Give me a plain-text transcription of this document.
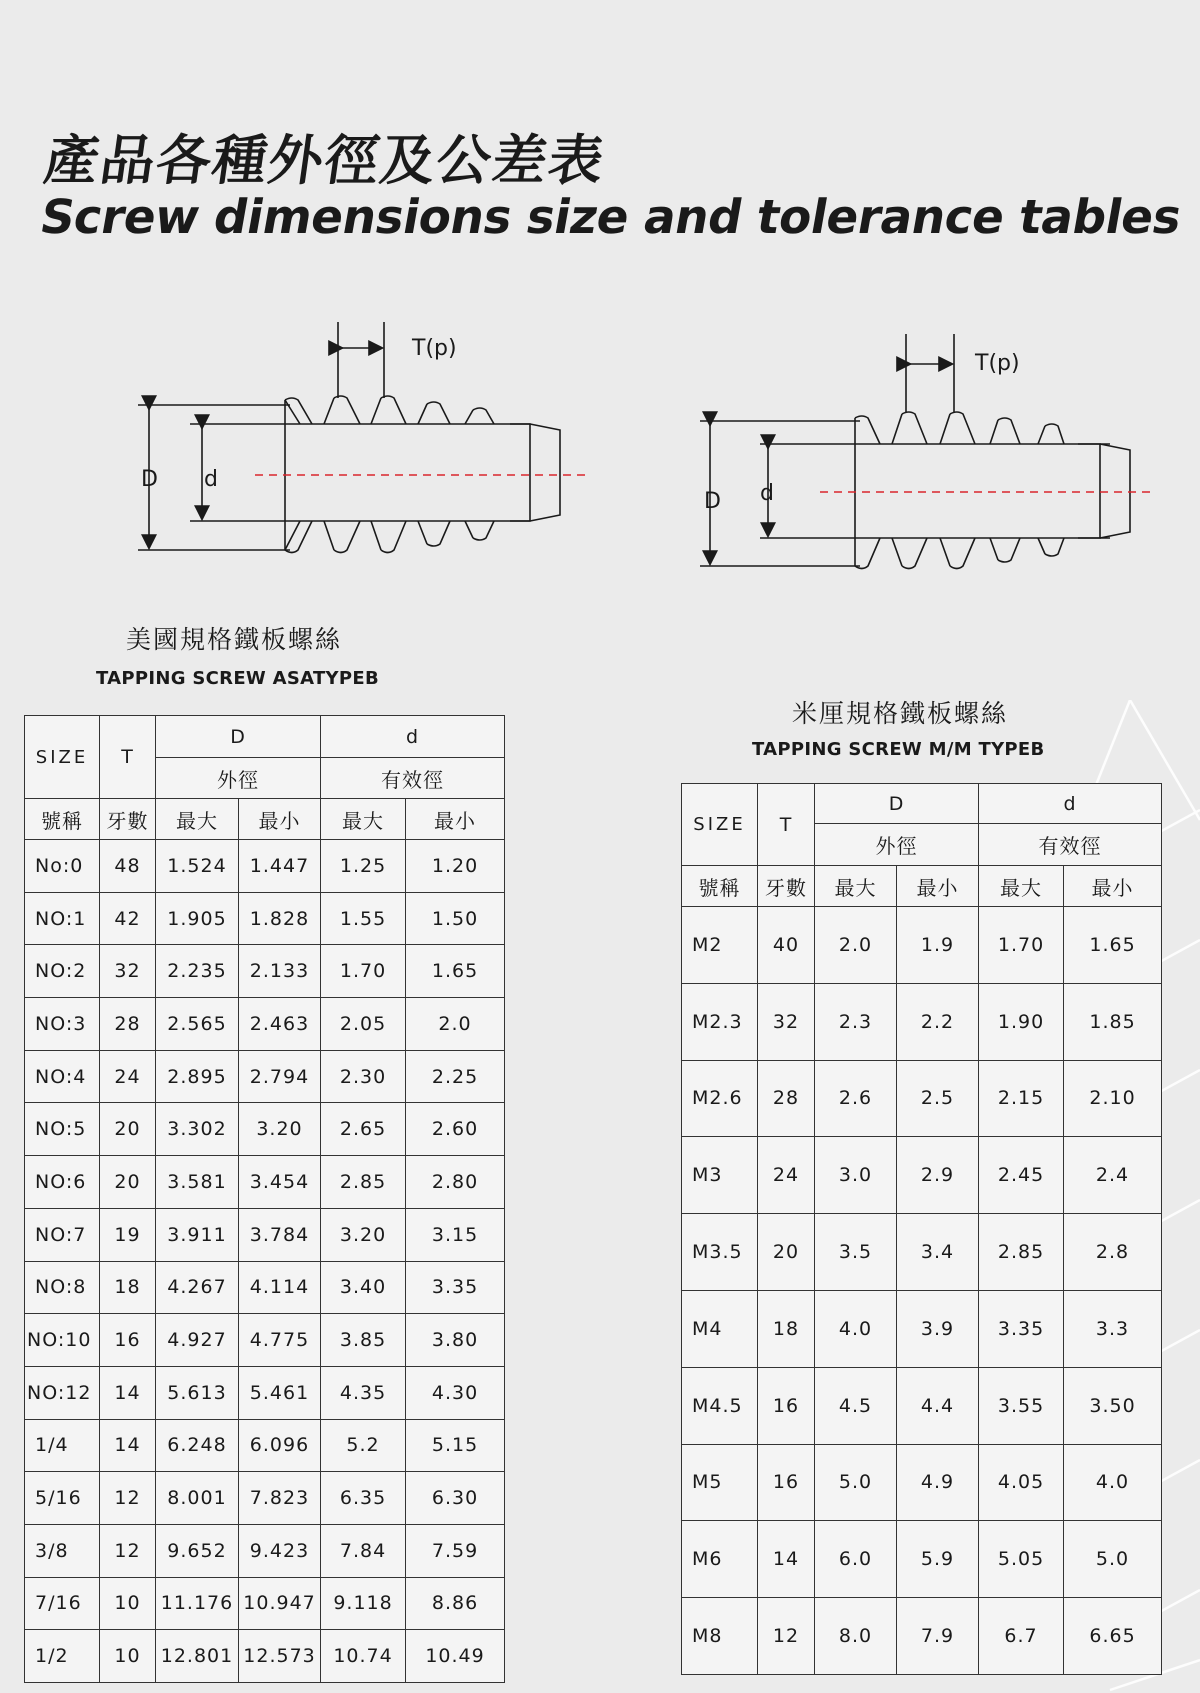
產品各種外徑及公差表
Screw dimensions size and tolerance tables
T(p)
D d
T(p)
D d
美國規格鐵板螺絲
TAPPING SCREW ASATYPEB
SIZE	T	D		d	
		外徑		有效徑	
號稱	牙數	最大	最小	最大	最小
No:0	48	1.524	1.447	1.25	1.20
NO:1	42	1.905	1.828	1.55	1.50
NO:2	32	2.235	2.133	1.70	1.65
NO:3	28	2.565	2.463	2.05	2.0
NO:4	24	2.895	2.794	2.30	2.25
NO:5	20	3.302	3.20	2.65	2.60
NO:6	20	3.581	3.454	2.85	2.80
NO:7	19	3.911	3.784	3.20	3.15
NO:8	18	4.267	4.114	3.40	3.35
NO:10	16	4.927	4.775	3.85	3.80
NO:12	14	5.613	5.461	4.35	4.30
1/4	14	6.248	6.096	5.2	5.15
5/16	12	8.001	7.823	6.35	6.30
3/8	12	9.652	9.423	7.84	7.59
7/16	10	11.176	10.947	9.118	8.86
1/2	10	12.801	12.573	10.74	10.49
米厘規格鐵板螺絲
TAPPING SCREW M/M TYPEB
SIZE	T	D		d	
		外徑		有效徑	
號稱	牙數	最大	最小	最大	最小
M2	40	2.0	1.9	1.70	1.65
M2.3	32	2.3	2.2	1.90	1.85
M2.6	28	2.6	2.5	2.15	2.10
M3	24	3.0	2.9	2.45	2.4
M3.5	20	3.5	3.4	2.85	2.8
M4	18	4.0	3.9	3.35	3.3
M4.5	16	4.5	4.4	3.55	3.50
M5	16	5.0	4.9	4.05	4.0
M6	14	6.0	5.9	5.05	5.0
M8	12	8.0	7.9	6.7	6.65
